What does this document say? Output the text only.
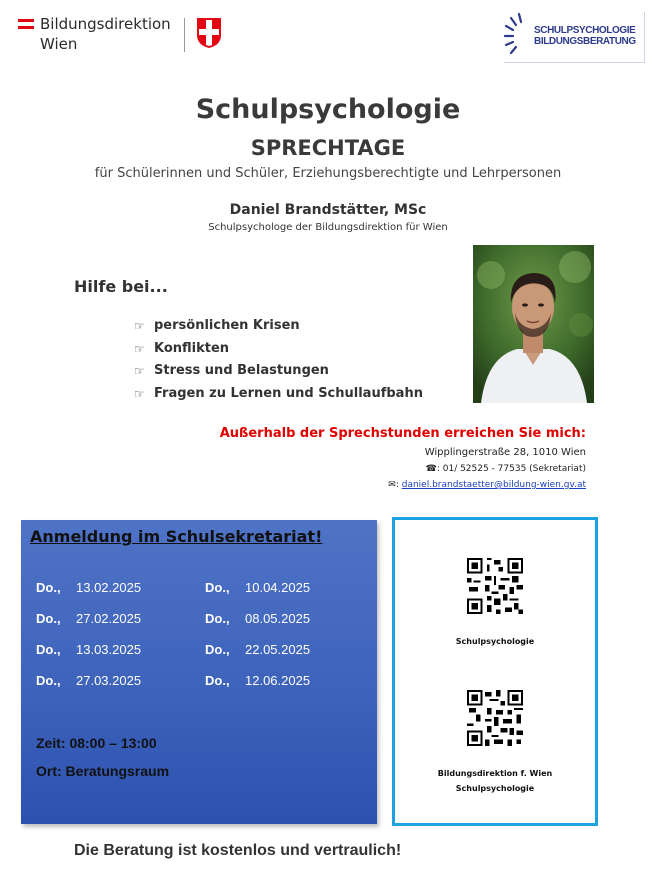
Bildungsdirektion
Wien
SCHULPSYCHOLOGIE
BILDUNGSBERATUNG
Schulpsychologie
SPRECHTAGE
für Schülerinnen und Schüler, Erziehungsberechtigte und Lehrpersonen
Daniel Brandstätter, MSc
Schulpsychologe der Bildungsdirektion für Wien
Hilfe bei...
☞ persönlichen Krisen
☞ Konflikten
☞ Stress und Belastungen
☞ Fragen zu Lernen und Schullaufbahn
Außerhalb der Sprechstunden erreichen Sie mich:
Wipplingerstraße 28, 1010 Wien
☎: 01/ 52525 - 77535 (Sekretariat)
✉: daniel.brandstaetter@bildung-wien.gv.at
Anmeldung im Schulsekretariat!
Do., 13.02.2025
Do., 27.02.2025
Do., 13.03.2025
Do., 27.03.2025
Do., 10.04.2025
Do., 08.05.2025
Do., 22.05.2025
Do., 12.06.2025
Zeit: 08:00 – 13:00
Ort: Beratungsraum
Schulpsychologie
Bildungsdirektion f. Wien
Schulpsychologie
Die Beratung ist kostenlos und vertraulich!
